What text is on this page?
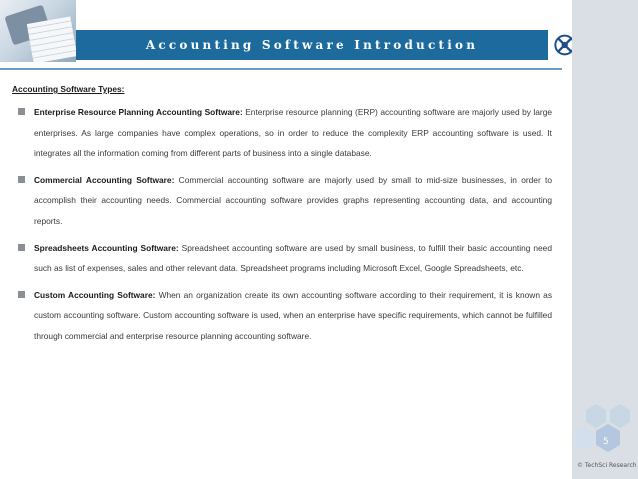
Accounting Software Introduction
5
© TechSci Research
Accounting Software Types:
Enterprise Resource Planning Accounting Software: Enterprise resource planning (ERP) accounting software are majorly used by large enterprises. As large companies have complex operations, so in order to reduce the complexity ERP accounting software is used. It integrates all the information coming from different parts of business into a single database.
Commercial Accounting Software: Commercial accounting software are majorly used by small to mid-size businesses, in order to accomplish their accounting needs. Commercial accounting software provides graphs representing accounting data, and accounting reports.
Spreadsheets Accounting Software: Spreadsheet accounting software are used by small business, to fulfill their basic accounting need such as list of expenses, sales and other relevant data. Spreadsheet programs including Microsoft Excel, Google Spreadsheets, etc.
Custom Accounting Software: When an organization create its own accounting software according to their requirement, it is known as custom accounting software. Custom accounting software is used, when an enterprise have specific requirements, which cannot be fulfilled through commercial and enterprise resource planning accounting software.
